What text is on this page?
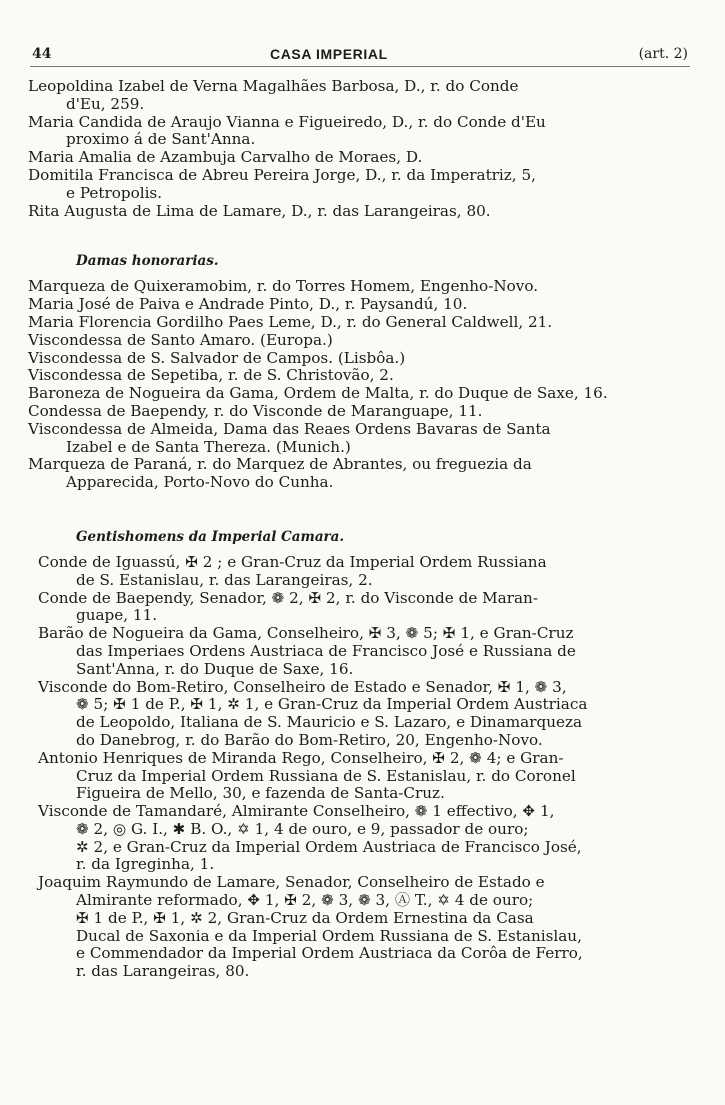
44	CASA IMPERIAL	(art. 2)

Leopoldina Izabel de Verna Magalhães Barbosa, D., r. do Conde
d'Eu, 259.

Maria Candida de Araujo Vianna e Figueiredo, D., r. do Conde d'Eu
proximo á de Sant'Anna.

Maria Amalia de Azambuja Carvalho de Moraes, D.

Domitila Francisca de Abreu Pereira Jorge, D., r. da Imperatriz, 5,
e Petropolis.

Rita Augusta de Lima de Lamare, D., r. das Larangeiras, 80.

Damas honorarias.

Marqueza de Quixeramobim, r. do Torres Homem, Engenho-Novo.

Maria José de Paiva e Andrade Pinto, D., r. Paysandú, 10.

Maria Florencia Gordilho Paes Leme, D., r. do General Caldwell, 21.

Viscondessa de Santo Amaro. (Europa.)

Viscondessa de S. Salvador de Campos. (Lisbôa.)

Viscondessa de Sepetiba, r. de S. Christovão, 2.

Baroneza de Nogueira da Gama, Ordem de Malta, r. do Duque de Saxe, 16.

Condessa de Baependy, r. do Visconde de Maranguape, 11.

Viscondessa de Almeida, Dama das Reaes Ordens Bavaras de Santa
Izabel e de Santa Thereza. (Munich.)

Marqueza de Paraná, r. do Marquez de Abrantes, ou freguezia da
Apparecida, Porto-Novo do Cunha.

Gentishomens da Imperial Camara.

Conde de Iguassú, ✠ 2 ; e Gran-Cruz da Imperial Ordem Russiana
de S. Estanislau, r. das Larangeiras, 2.

Conde de Baependy, Senador, ❁ 2, ✠ 2, r. do Visconde de Maran-
guape, 11.

Barão de Nogueira da Gama, Conselheiro, ✠ 3, ❁ 5; ✠ 1, e Gran-Cruz
das Imperiaes Ordens Austriaca de Francisco José e Russiana de
Sant'Anna, r. do Duque de Saxe, 16.

Visconde do Bom-Retiro, Conselheiro de Estado e Senador, ✠ 1, ❁ 3,
❁ 5; ✠ 1 de P., ✠ 1, ✲ 1, e Gran-Cruz da Imperial Ordem Austriaca
de Leopoldo, Italiana de S. Mauricio e S. Lazaro, e Dinamarqueza
do Danebrog, r. do Barão do Bom-Retiro, 20, Engenho-Novo.

Antonio Henriques de Miranda Rego, Conselheiro, ✠ 2, ❁ 4; e Gran-
Cruz da Imperial Ordem Russiana de S. Estanislau, r. do Coronel
Figueira de Mello, 30, e fazenda de Santa-Cruz.

Visconde de Tamandaré, Almirante Conselheiro, ❁ 1 effectivo, ✥ 1,
❁ 2, ◎ G. I., ✱ B. O., ✡ 1, 4 de ouro, e 9, passador de ouro;
✲ 2, e Gran-Cruz da Imperial Ordem Austriaca de Francisco José,
r. da Igreginha, 1.

Joaquim Raymundo de Lamare, Senador, Conselheiro de Estado e
Almirante reformado, ✥ 1, ✠ 2, ❁ 3, ❁ 3, Ⓐ T., ✡ 4 de ouro;
✠ 1 de P., ✠ 1, ✲ 2, Gran-Cruz da Ordem Ernestina da Casa
Ducal de Saxonia e da Imperial Ordem Russiana de S. Estanislau,
e Commendador da Imperial Ordem Austriaca da Corôa de Ferro,
r. das Larangeiras, 80.
